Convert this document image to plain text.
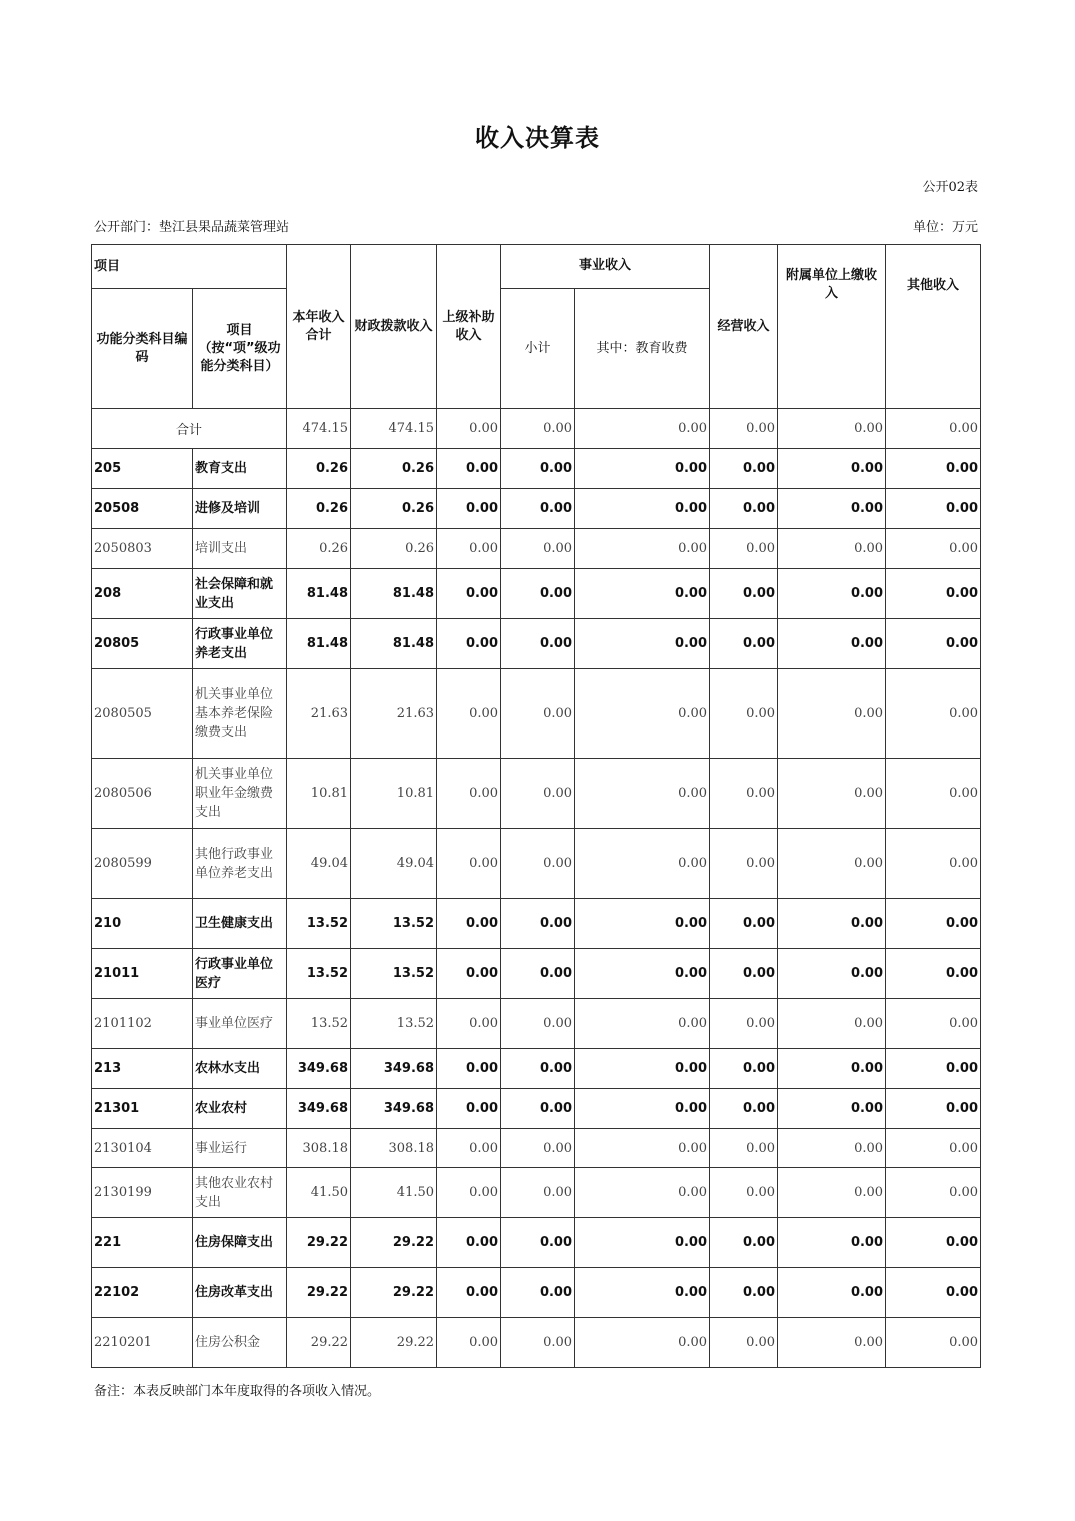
收入决算表
公开02表
公开部门：垫江县果品蔬菜管理站	单位：万元
项目		本年收入合计	财政拨款收入	上级补助收入	事业收入		经营收入	附属单位上缴收入	其他收入
功能分类科目编码	项目（按“项”级功能分类科目）				小计	其中：教育收费			
合计		474.15	474.15	0.00	0.00	0.00	0.00	0.00	0.00
205	教育支出	0.26	0.26	0.00	0.00	0.00	0.00	0.00	0.00
20508	进修及培训	0.26	0.26	0.00	0.00	0.00	0.00	0.00	0.00
2050803	培训支出	0.26	0.26	0.00	0.00	0.00	0.00	0.00	0.00
208	社会保障和就业支出	81.48	81.48	0.00	0.00	0.00	0.00	0.00	0.00
20805	行政事业单位养老支出	81.48	81.48	0.00	0.00	0.00	0.00	0.00	0.00
2080505	机关事业单位基本养老保险缴费支出	21.63	21.63	0.00	0.00	0.00	0.00	0.00	0.00
2080506	机关事业单位职业年金缴费支出	10.81	10.81	0.00	0.00	0.00	0.00	0.00	0.00
2080599	其他行政事业单位养老支出	49.04	49.04	0.00	0.00	0.00	0.00	0.00	0.00
210	卫生健康支出	13.52	13.52	0.00	0.00	0.00	0.00	0.00	0.00
21011	行政事业单位医疗	13.52	13.52	0.00	0.00	0.00	0.00	0.00	0.00
2101102	事业单位医疗	13.52	13.52	0.00	0.00	0.00	0.00	0.00	0.00
213	农林水支出	349.68	349.68	0.00	0.00	0.00	0.00	0.00	0.00
21301	农业农村	349.68	349.68	0.00	0.00	0.00	0.00	0.00	0.00
2130104	事业运行	308.18	308.18	0.00	0.00	0.00	0.00	0.00	0.00
2130199	其他农业农村支出	41.50	41.50	0.00	0.00	0.00	0.00	0.00	0.00
221	住房保障支出	29.22	29.22	0.00	0.00	0.00	0.00	0.00	0.00
22102	住房改革支出	29.22	29.22	0.00	0.00	0.00	0.00	0.00	0.00
2210201	住房公积金	29.22	29.22	0.00	0.00	0.00	0.00	0.00	0.00
备注：本表反映部门本年度取得的各项收入情况。
